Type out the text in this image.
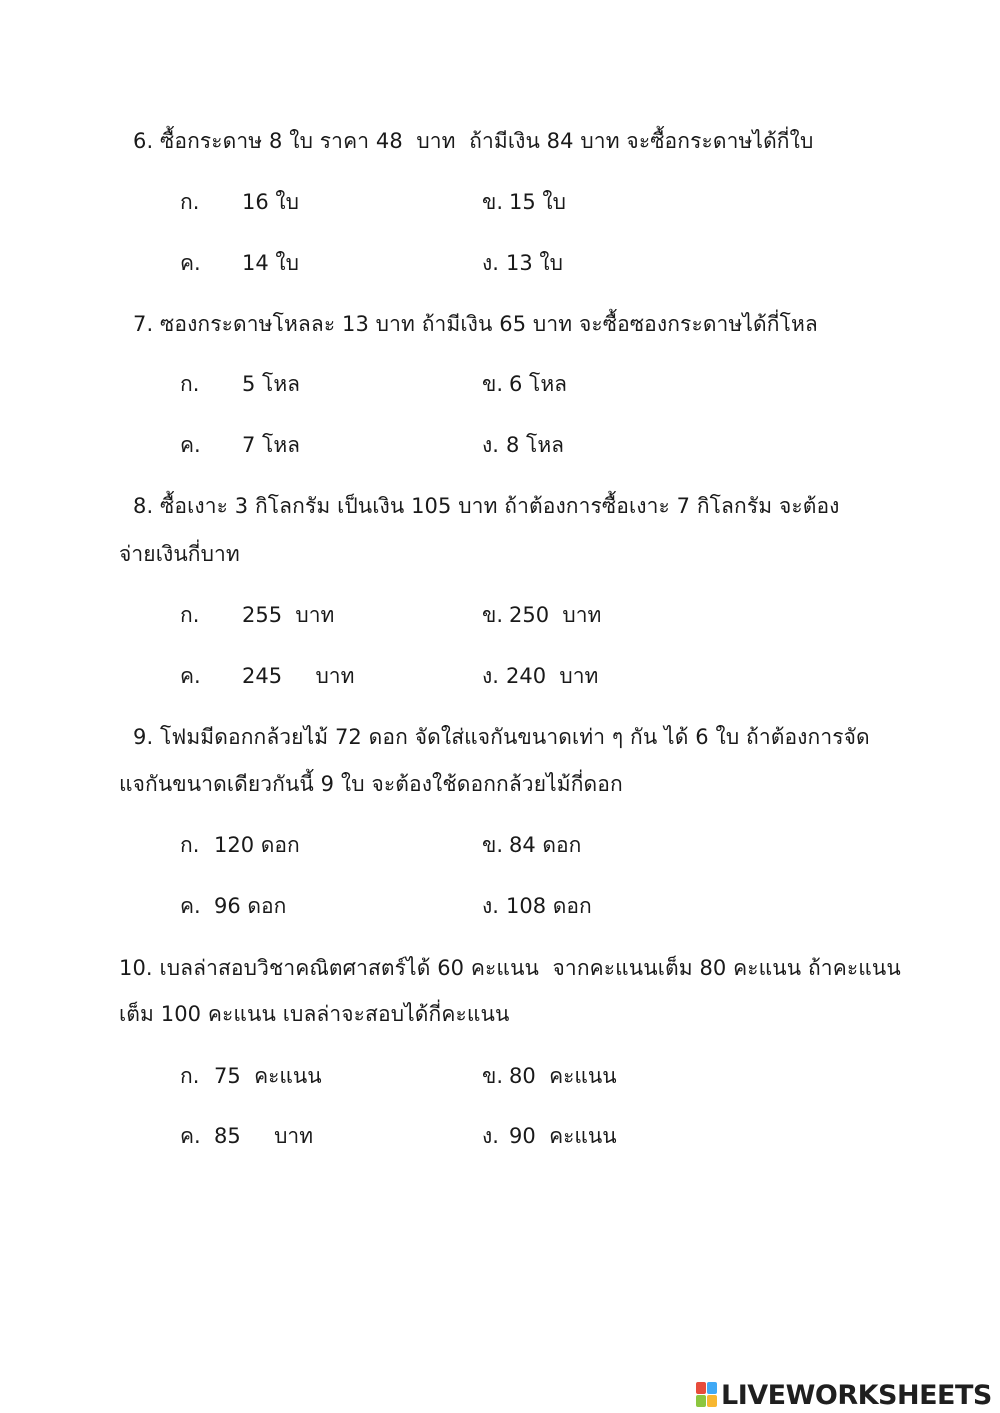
6. ซื้อกระดาษ 8 ใบ ราคา 48  บาท  ถ้ามีเงิน 84 บาท จะซื้อกระดาษได้กี่ใบ
ก. 16 ใบ	ข. 15 ใบ
ค. 14 ใบ	ง. 13 ใบ
7. ซองกระดาษโหลละ 13 บาท ถ้ามีเงิน 65 บาท จะซื้อซองกระดาษได้กี่โหล
ก. 5 โหล	ข. 6 โหล
ค. 7 โหล	ง. 8 โหล
8. ซื้อเงาะ 3 กิโลกรัม เป็นเงิน 105 บาท ถ้าต้องการซื้อเงาะ 7 กิโลกรัม จะต้อง
จ่ายเงินกี่บาท
ก. 255  บาท	ข. 250  บาท
ค. 245     บาท	ง. 240  บาท
9. โฟมมีดอกกล้วยไม้ 72 ดอก จัดใส่แจกันขนาดเท่า ๆ กัน ได้ 6 ใบ ถ้าต้องการจัด
แจกันขนาดเดียวกันนี้ 9 ใบ จะต้องใช้ดอกกล้วยไม้กี่ดอก
ก. 120 ดอก	ข. 84 ดอก
ค. 96 ดอก	ง. 108 ดอก
10. เบลล่าสอบวิชาคณิตศาสตร์ได้ 60 คะแนน  จากคะแนนเต็ม 80 คะแนน ถ้าคะแนน
เต็ม 100 คะแนน เบลล่าจะสอบได้กี่คะแนน
ก. 75  คะแนน	ข. 80  คะแนน
ค. 85     บาท	ง. 90  คะแนน
LIVEWORKSHEETS
